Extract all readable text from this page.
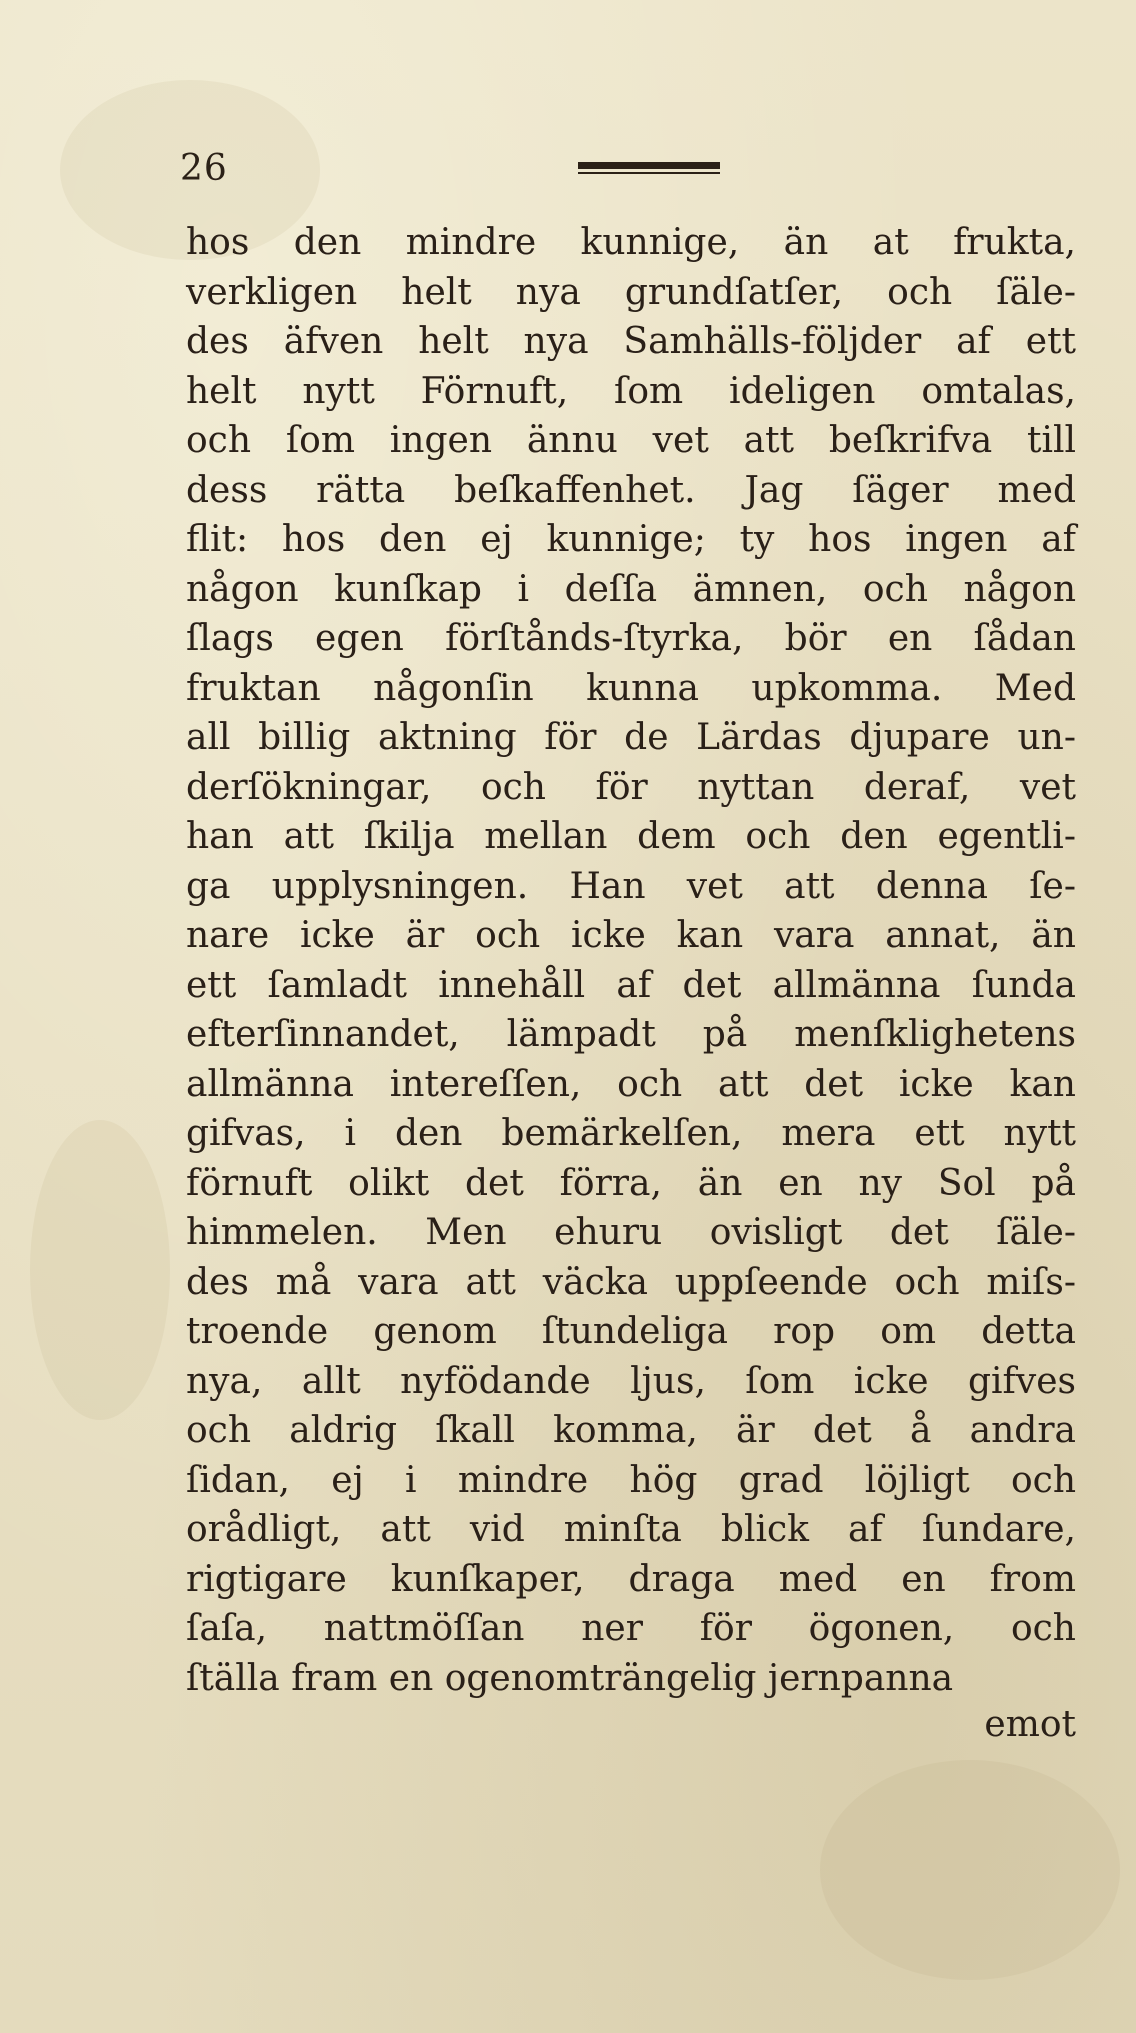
26
hos den mindre kunnige, än at frukta,
verkligen helt nya grundſatſer, och ſäle-
des äfven helt nya Samhälls-följder af ett
helt nytt Förnuft, ſom ideligen omtalas,
och ſom ingen ännu vet att beſkrifva till
dess rätta beſkaffenhet. Jag ſäger med
flit: hos den ej kunnige; ty hos ingen af
någon kunſkap i deſſa ämnen, och någon
ſlags egen förſtånds-ſtyrka, bör en ſådan
fruktan någonſin kunna upkomma. Med
all billig aktning för de Lärdas djupare un-
derſökningar, och för nyttan deraf, vet
han att ſkilja mellan dem och den egentli-
ga upplysningen. Han vet att denna ſe-
nare icke är och icke kan vara annat, än
ett ſamladt innehåll af det allmänna ſunda
efterſinnandet, lämpadt på menſklighetens
allmänna intereſſen, och att det icke kan
gifvas, i den bemärkelſen, mera ett nytt
förnuft olikt det förra, än en ny Sol på
himmelen. Men ehuru ovisligt det ſäle-
des må vara att väcka uppſeende och miſs-
troende genom ſtundeliga rop om detta
nya, allt nyfödande ljus, ſom icke gifves
och aldrig ſkall komma, är det å andra
ſidan, ej i mindre hög grad löjligt och
orådligt, att vid minſta blick af ſundare,
rigtigare kunſkaper, draga med en from
ſaſa, nattmöſſan ner för ögonen, och
ſtälla fram en ogenomträngelig jernpanna
emot
